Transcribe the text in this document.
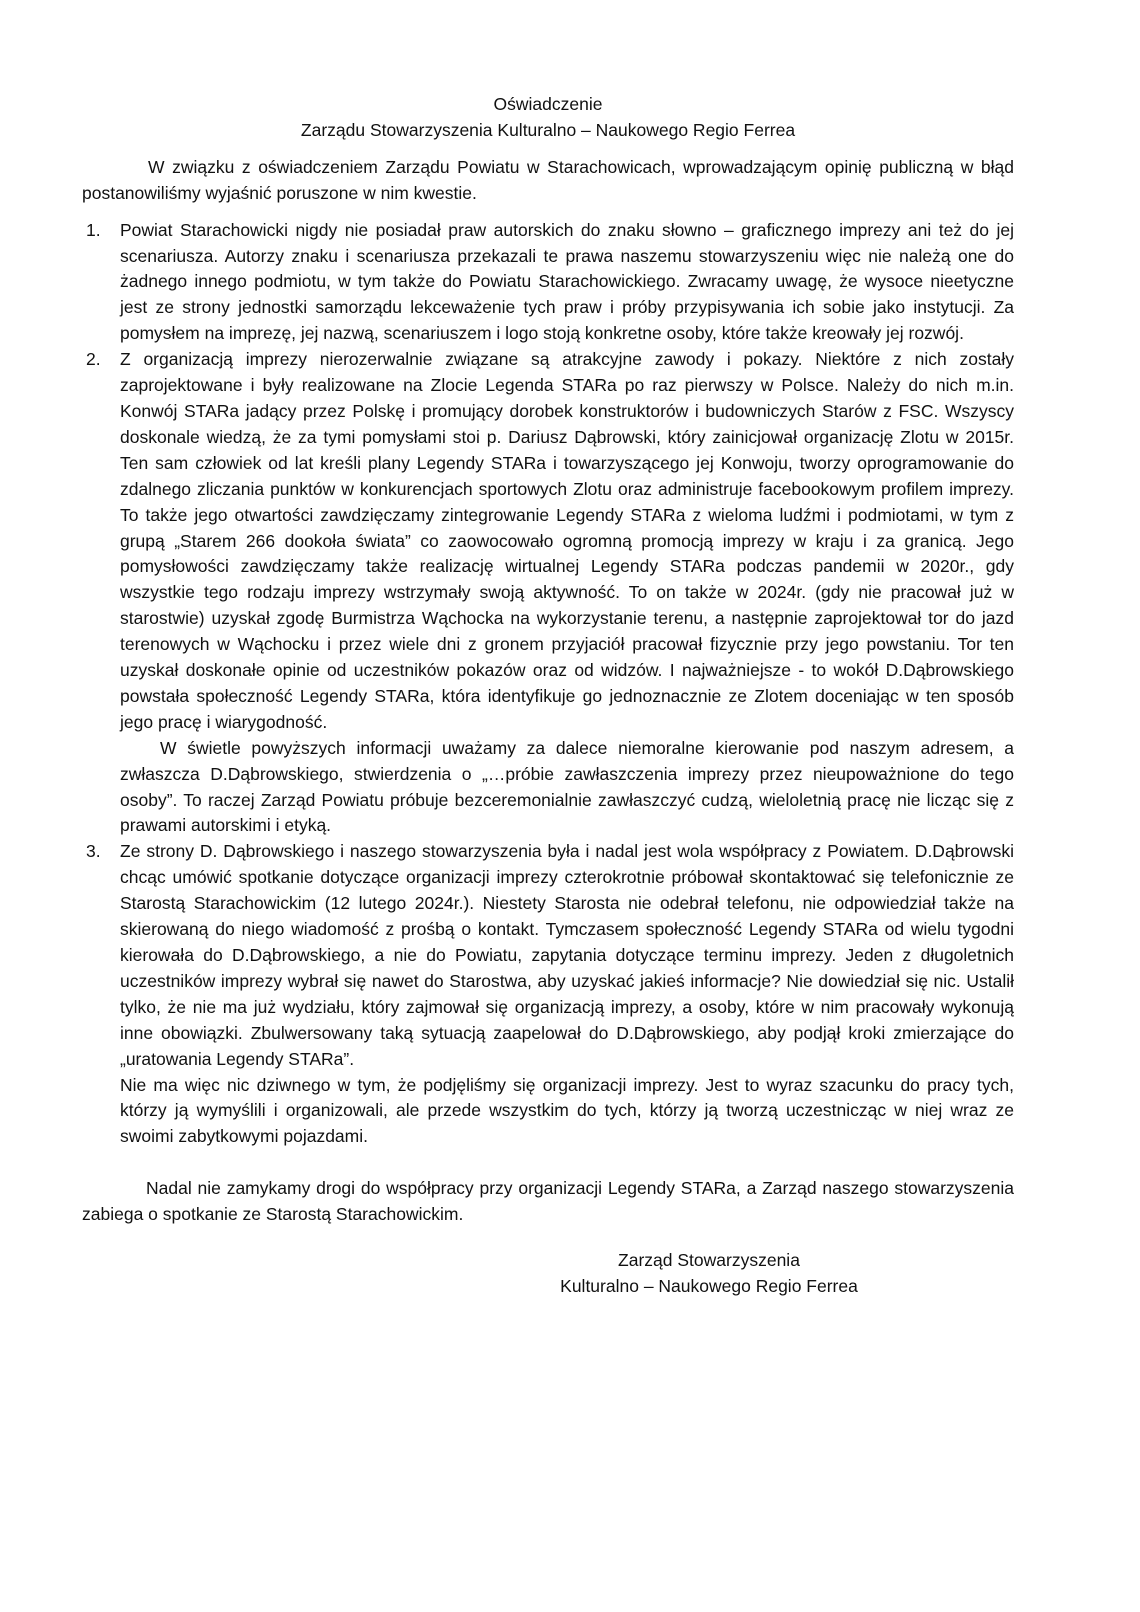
Oświadczenie
Zarządu Stowarzyszenia Kulturalno – Naukowego Regio Ferrea

W związku z oświadczeniem Zarządu Powiatu w Starachowicach, wprowadzającym opinię publiczną w błąd postanowiliśmy wyjaśnić poruszone w nim kwestie.

1. Powiat Starachowicki nigdy nie posiadał praw autorskich do znaku słowno – graficznego imprezy ani też do jej scenariusza. Autorzy znaku i scenariusza przekazali te prawa naszemu stowarzyszeniu więc nie należą one do żadnego innego podmiotu, w tym także do Powiatu Starachowickiego. Zwracamy uwagę, że wysoce nieetyczne jest ze strony jednostki samorządu lekceważenie tych praw i próby przypisywania ich sobie jako instytucji. Za pomysłem na imprezę, jej nazwą, scenariuszem i logo stoją konkretne osoby, które także kreowały jej rozwój.

2. Z organizacją imprezy nierozerwalnie związane są atrakcyjne zawody i pokazy. Niektóre z nich zostały zaprojektowane i były realizowane na Zlocie Legenda STARa po raz pierwszy w Polsce. Należy do nich m.in. Konwój STARa jadący przez Polskę i promujący dorobek konstruktorów i budowniczych Starów z FSC. Wszyscy doskonale wiedzą, że za tymi pomysłami stoi p. Dariusz Dąbrowski, który zainicjował organizację Zlotu w 2015r. Ten sam człowiek od lat kreśli plany Legendy STARa i towarzyszącego jej Konwoju, tworzy oprogramowanie do zdalnego zliczania punktów w konkurencjach sportowych Zlotu oraz administruje facebookowym profilem imprezy. To także jego otwartości zawdzięczamy zintegrowanie Legendy STARa z wieloma ludźmi i podmiotami, w tym z grupą „Starem 266 dookoła świata” co zaowocowało ogromną promocją imprezy w kraju i za granicą. Jego pomysłowości zawdzięczamy także realizację wirtualnej Legendy STARa podczas pandemii w 2020r., gdy wszystkie tego rodzaju imprezy wstrzymały swoją aktywność. To on także w 2024r. (gdy nie pracował już w starostwie) uzyskał zgodę Burmistrza Wąchocka na wykorzystanie terenu, a następnie zaprojektował tor do jazd terenowych w Wąchocku i przez wiele dni z gronem przyjaciół pracował fizycznie przy jego powstaniu. Tor ten uzyskał doskonałe opinie od uczestników pokazów oraz od widzów. I najważniejsze - to wokół D.Dąbrowskiego powstała społeczność Legendy STARa, która identyfikuje go jednoznacznie ze Zlotem doceniając w ten sposób jego pracę i wiarygodność.

W świetle powyższych informacji uważamy za dalece niemoralne kierowanie pod naszym adresem, a zwłaszcza D.Dąbrowskiego, stwierdzenia o „…próbie zawłaszczenia imprezy przez nieupoważnione do tego osoby”. To raczej Zarząd Powiatu próbuje bezceremonialnie zawłaszczyć cudzą, wieloletnią pracę nie licząc się z prawami autorskimi i etyką.

3. Ze strony D. Dąbrowskiego i naszego stowarzyszenia była i nadal jest wola współpracy z Powiatem. D.Dąbrowski chcąc umówić spotkanie dotyczące organizacji imprezy czterokrotnie próbował skontaktować się telefonicznie ze Starostą Starachowickim (12 lutego 2024r.). Niestety Starosta nie odebrał telefonu, nie odpowiedział także na skierowaną do niego wiadomość z prośbą o kontakt. Tymczasem społeczność Legendy STARa od wielu tygodni kierowała do D.Dąbrowskiego, a nie do Powiatu, zapytania dotyczące terminu imprezy. Jeden z długoletnich uczestników imprezy wybrał się nawet do Starostwa, aby uzyskać jakieś informacje? Nie dowiedział się nic. Ustalił tylko, że nie ma już wydziału, który zajmował się organizacją imprezy, a osoby, które w nim pracowały wykonują inne obowiązki. Zbulwersowany taką sytuacją zaapelował do D.Dąbrowskiego, aby podjął kroki zmierzające do „uratowania Legendy STARa”.

Nie ma więc nic dziwnego w tym, że podjęliśmy się organizacji imprezy. Jest to wyraz szacunku do pracy tych, którzy ją wymyślili i organizowali, ale przede wszystkim do tych, którzy ją tworzą uczestnicząc w niej wraz ze swoimi zabytkowymi pojazdami.

Nadal nie zamykamy drogi do współpracy przy organizacji Legendy STARa, a Zarząd naszego stowarzyszenia zabiega o spotkanie ze Starostą Starachowickim.

Zarząd Stowarzyszenia
Kulturalno – Naukowego Regio Ferrea
